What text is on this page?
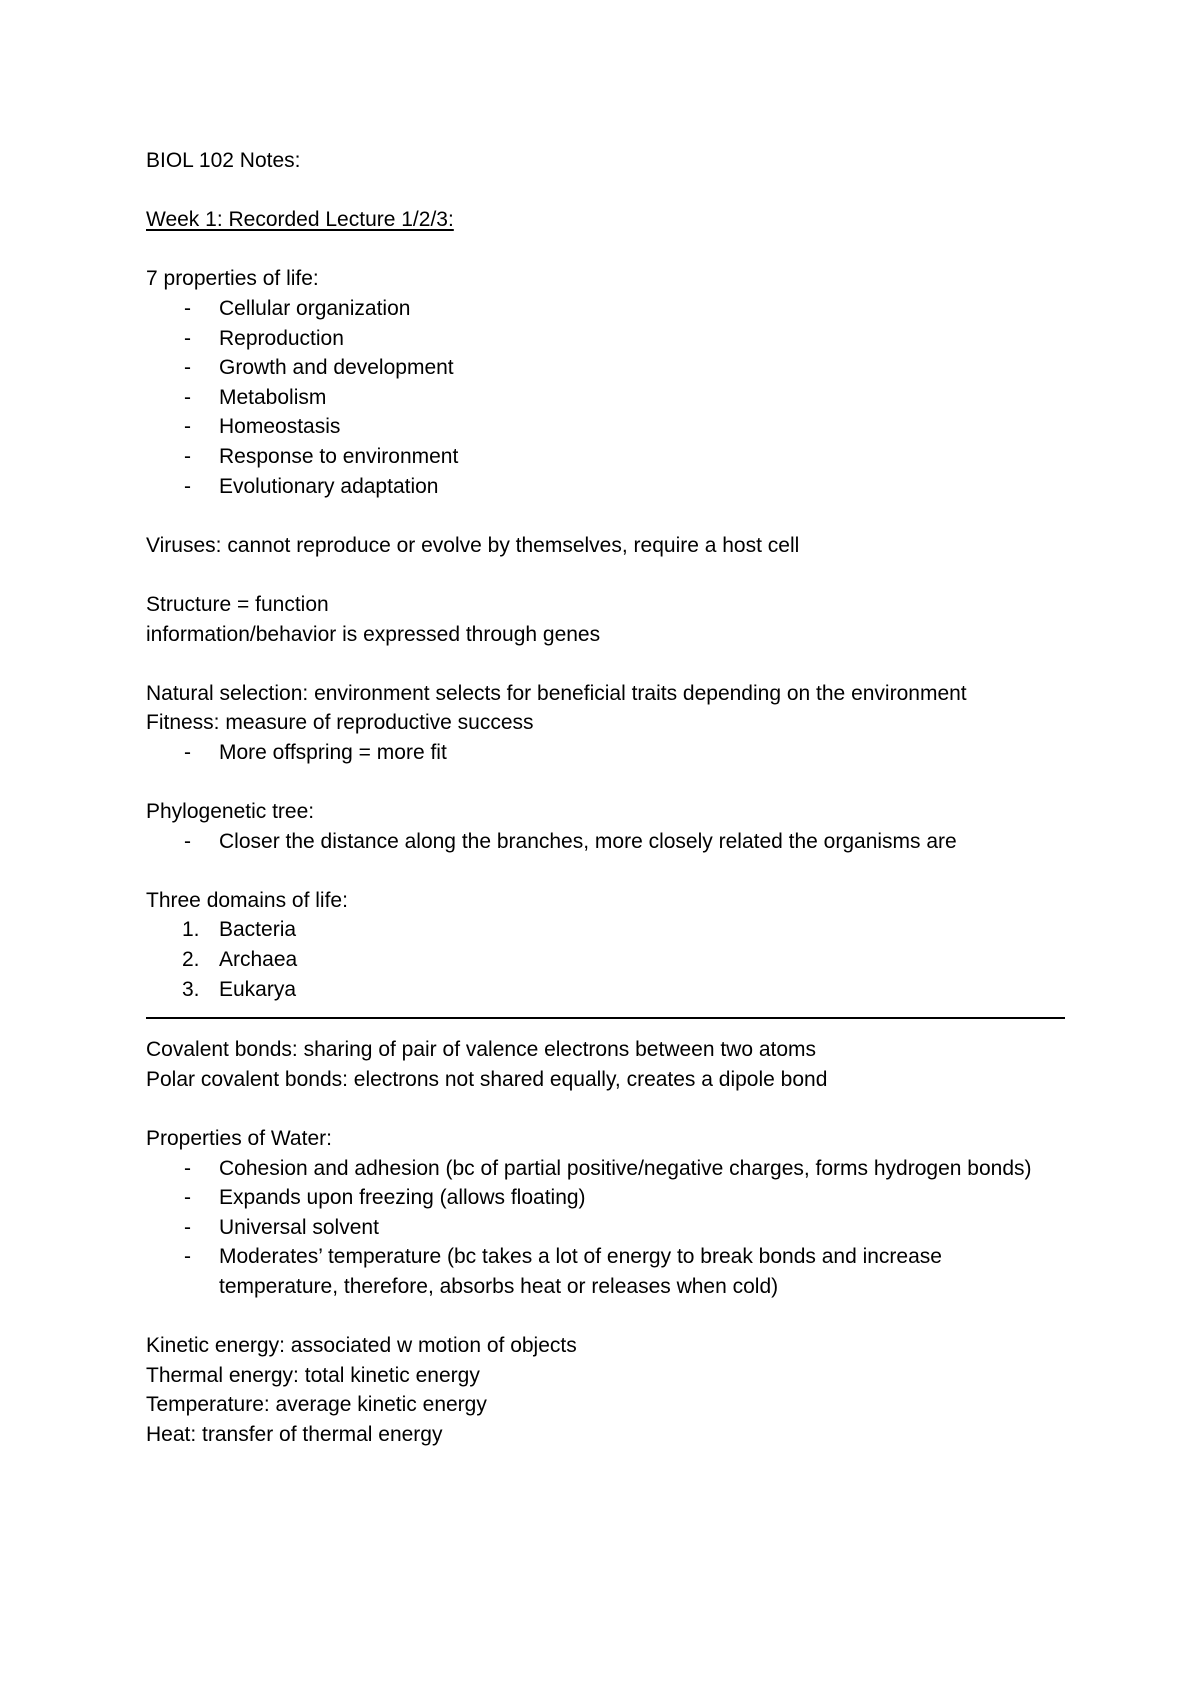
BIOL 102 Notes:

Week 1: Recorded Lecture 1/2/3:

7 properties of life:

- Cellular organization
- Reproduction
- Growth and development
- Metabolism
- Homeostasis
- Response to environment
- Evolutionary adaptation

Viruses: cannot reproduce or evolve by themselves, require a host cell

Structure = function

information/behavior is expressed through genes

Natural selection: environment selects for beneficial traits depending on the environment

Fitness: measure of reproductive success

- More offspring = more fit

Phylogenetic tree:

- Closer the distance along the branches, more closely related the organisms are

Three domains of life:

1. Bacteria
2. Archaea
3. Eukarya

Covalent bonds: sharing of pair of valence electrons between two atoms

Polar covalent bonds: electrons not shared equally, creates a dipole bond

Properties of Water:

- Cohesion and adhesion (bc of partial positive/negative charges, forms hydrogen bonds)
- Expands upon freezing (allows floating)
- Universal solvent
- Moderates’ temperature (bc takes a lot of energy to break bonds and increase temperature, therefore, absorbs heat or releases when cold)

Kinetic energy: associated w motion of objects

Thermal energy: total kinetic energy

Temperature: average kinetic energy

Heat: transfer of thermal energy
